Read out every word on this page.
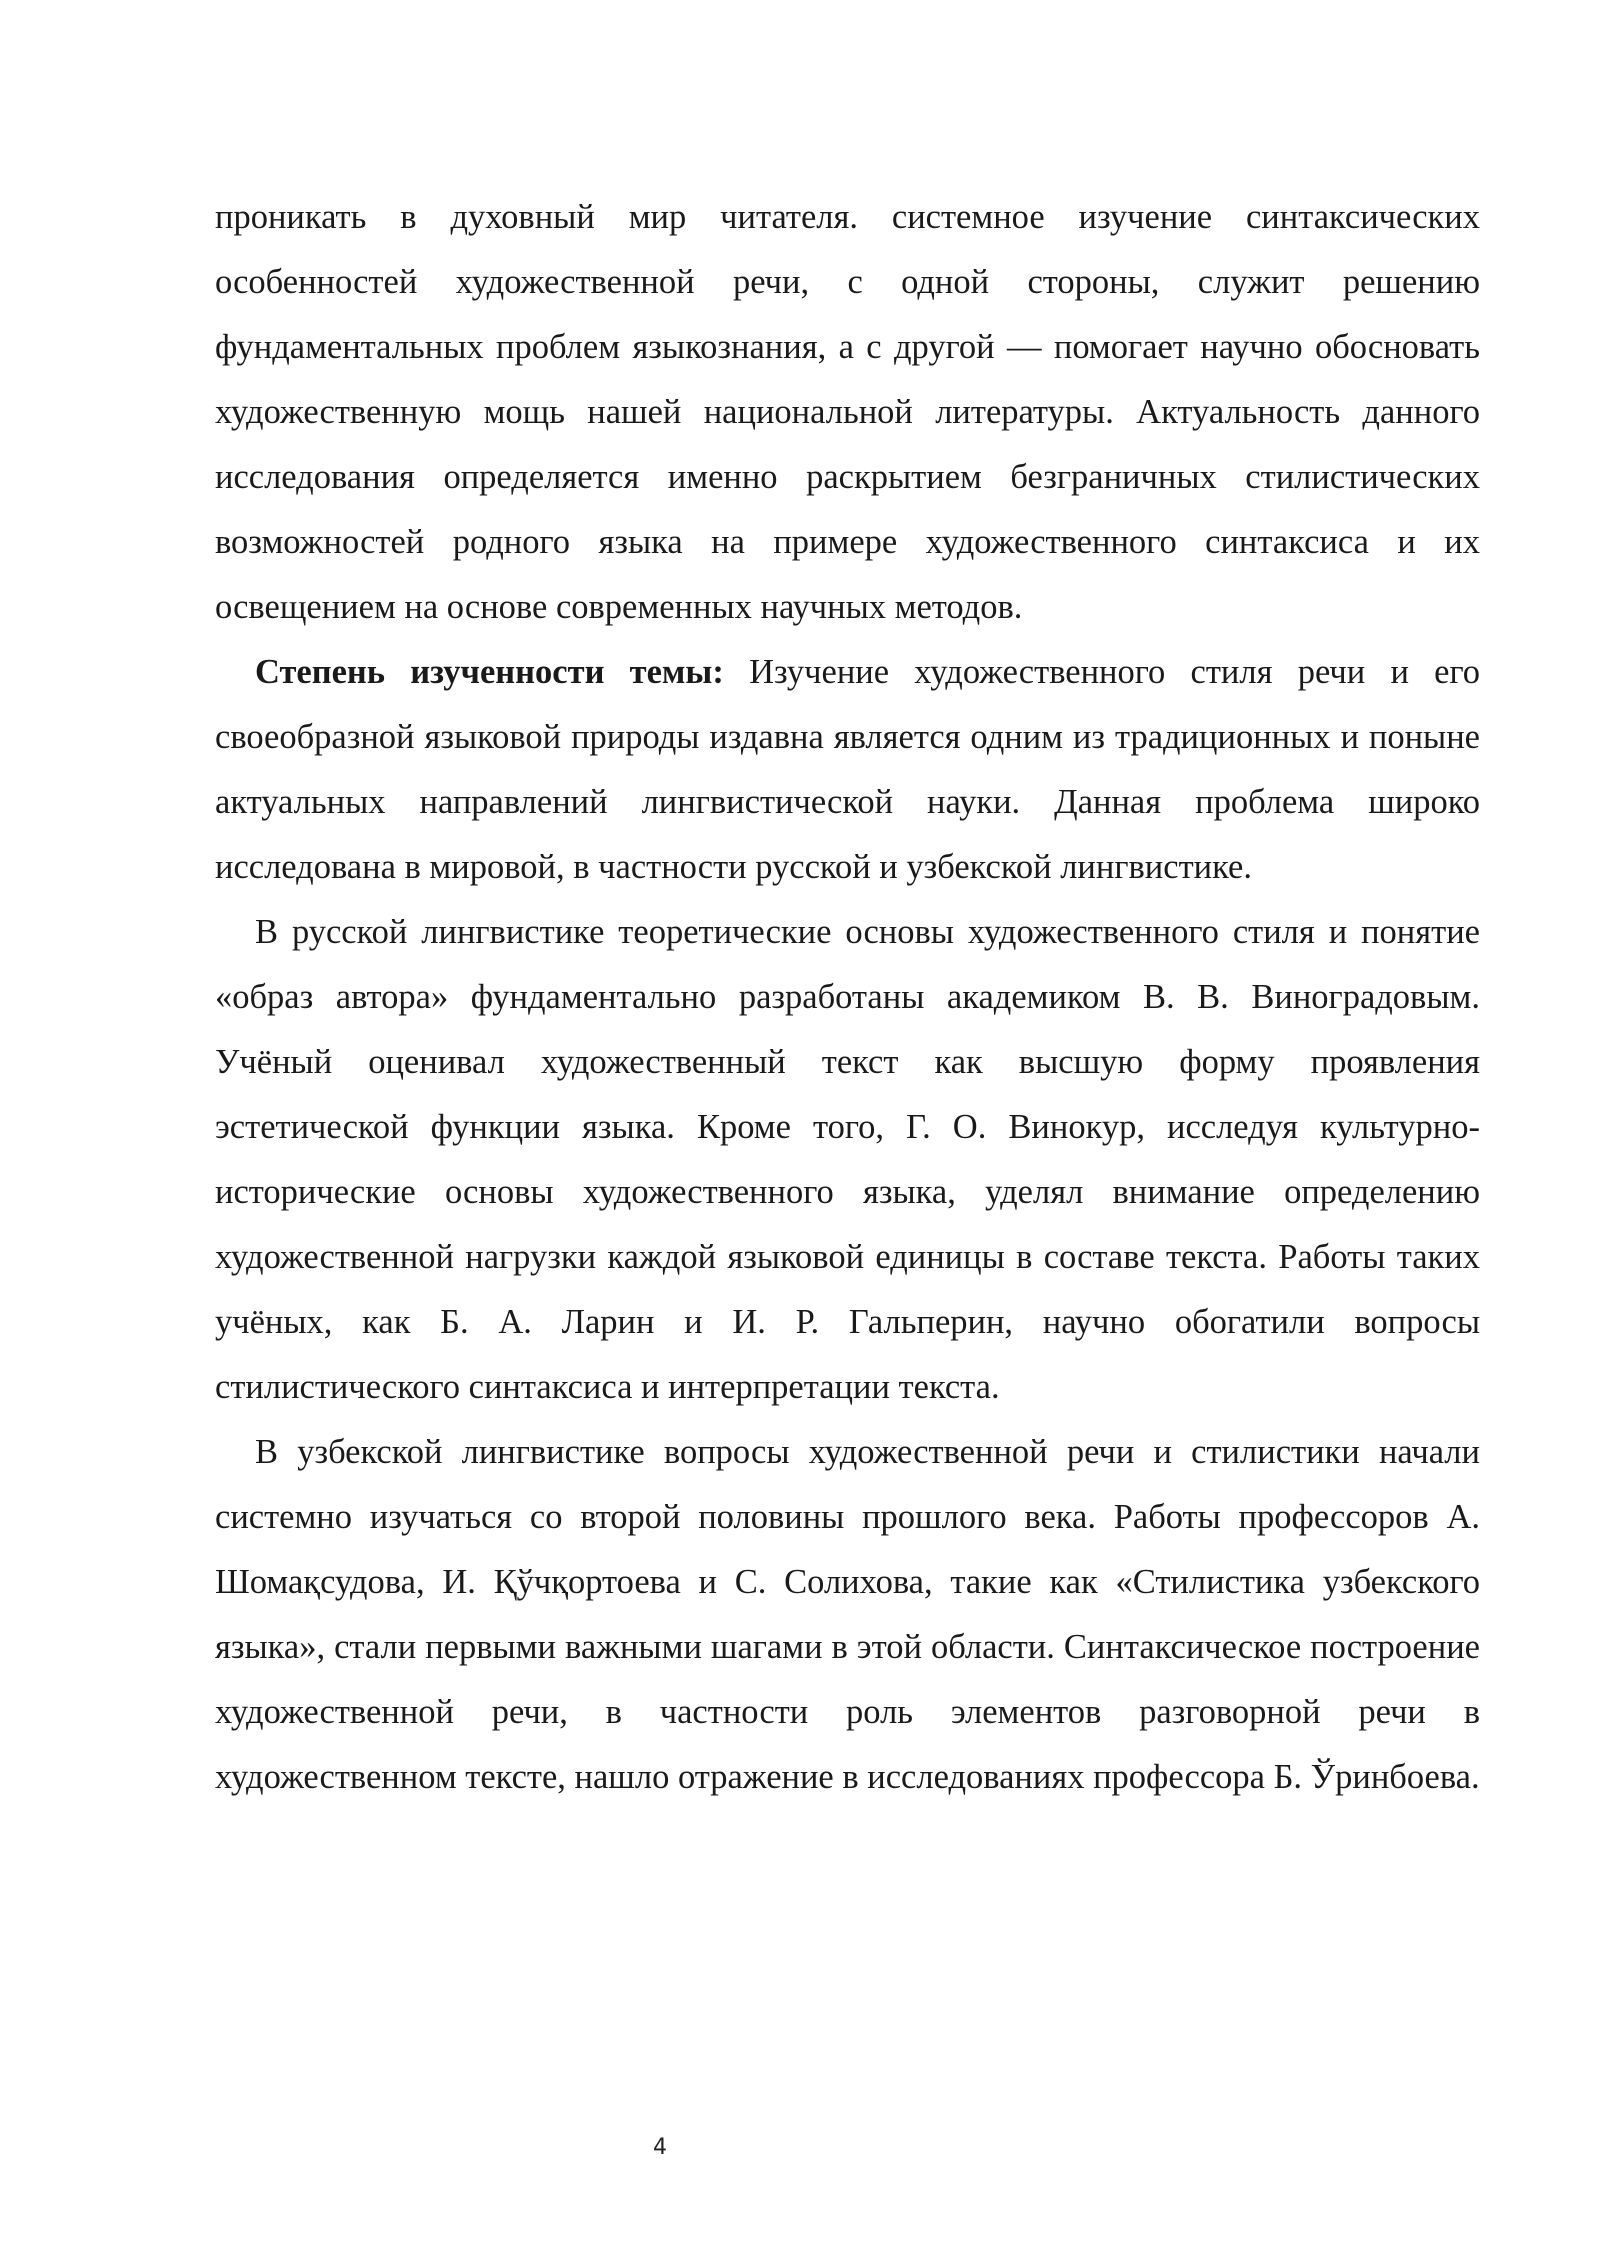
проникать в духовный мир читателя. системное изучение синтаксических особенностей художественной речи, с одной стороны, служит решению фундаментальных проблем языкознания, а с другой — помогает научно обосновать художественную мощь нашей национальной литературы. Актуальность данного исследования определяется именно раскрытием безграничных стилистических возможностей родного языка на примере художественного синтаксиса и их освещением на основе современных научных методов.

Степень изученности темы: Изучение художественного стиля речи и его своеобразной языковой природы издавна является одним из традиционных и поныне актуальных направлений лингвистической науки. Данная проблема широко исследована в мировой, в частности русской и узбекской лингвистике.

В русской лингвистике теоретические основы художественного стиля и понятие «образ автора» фундаментально разработаны академиком В. В. Виноградовым. Учёный оценивал художественный текст как высшую форму проявления эстетической функции языка. Кроме того, Г. О. Винокур, исследуя культурно-исторические основы художественного языка, уделял внимание определению художественной нагрузки каждой языковой единицы в составе текста. Работы таких учёных, как Б. А. Ларин и И. Р. Гальперин, научно обогатили вопросы стилистического синтаксиса и интерпретации текста.

В узбекской лингвистике вопросы художественной речи и стилистики начали системно изучаться со второй половины прошлого века. Работы профессоров А. Шомақсудова, И. Қўчқортоева и С. Солихова, такие как «Стилистика узбекского языка», стали первыми важными шагами в этой области. Синтаксическое построение художественной речи, в частности роль элементов разговорной речи в художественном тексте, нашло отражение в исследованиях профессора Б. Ўринбоева.

4
